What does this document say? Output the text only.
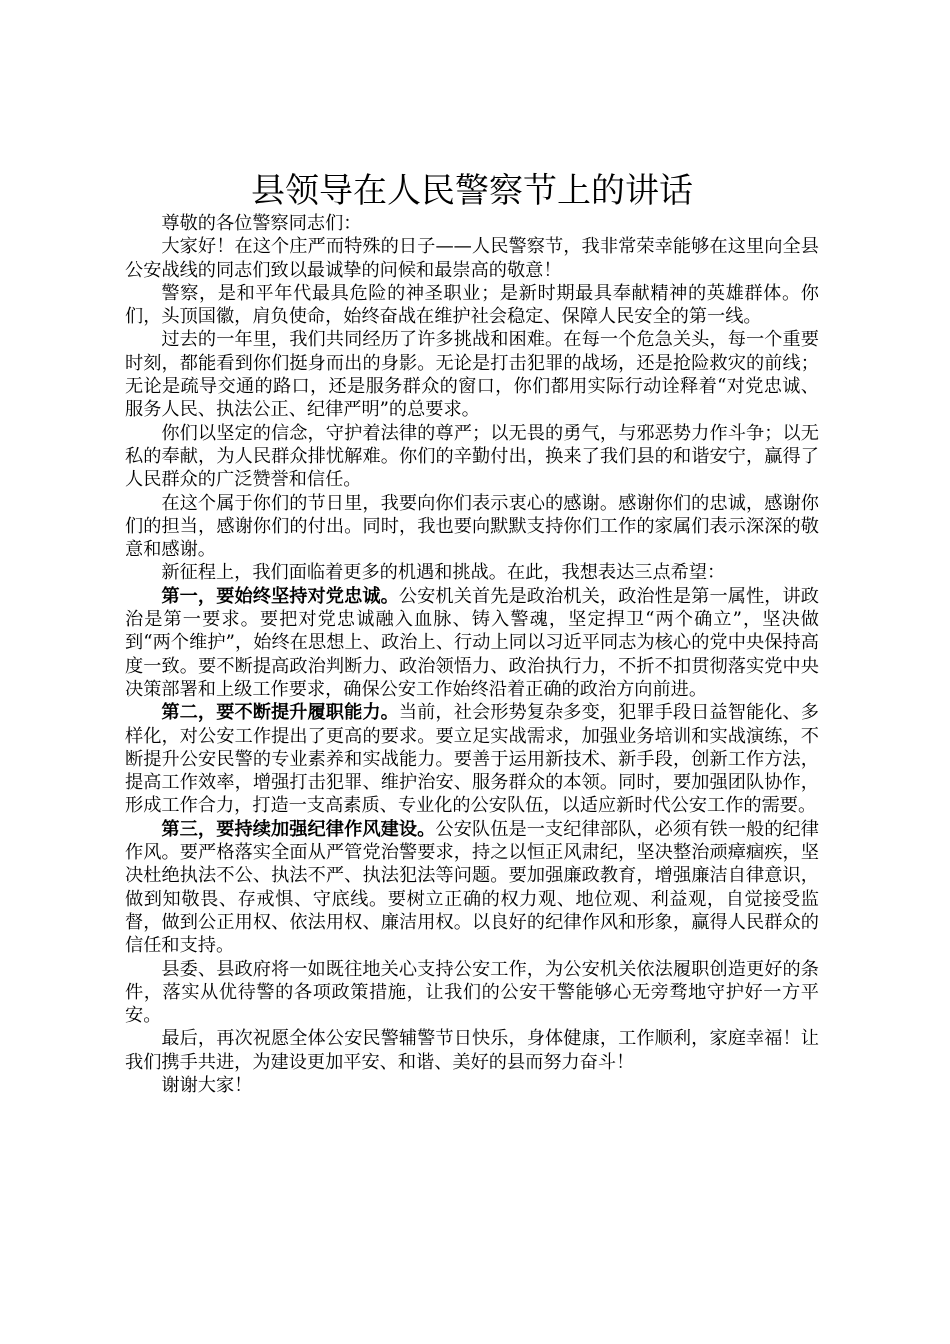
县领导在人民警察节上的讲话

尊敬的各位警察同志们：

大家好！在这个庄严而特殊的日子——人民警察节，我非常荣幸能够在这里向全县公安战线的同志们致以最诚挚的问候和最崇高的敬意！

警察，是和平年代最具危险的神圣职业；是新时期最具奉献精神的英雄群体。你们，头顶国徽，肩负使命，始终奋战在维护社会稳定、保障人民安全的第一线。

过去的一年里，我们共同经历了许多挑战和困难。在每一个危急关头，每一个重要时刻，都能看到你们挺身而出的身影。无论是打击犯罪的战场，还是抢险救灾的前线；无论是疏导交通的路口，还是服务群众的窗口，你们都用实际行动诠释着“对党忠诚、服务人民、执法公正、纪律严明”的总要求。

你们以坚定的信念，守护着法律的尊严；以无畏的勇气，与邪恶势力作斗争；以无私的奉献，为人民群众排忧解难。你们的辛勤付出，换来了我们县的和谐安宁，赢得了人民群众的广泛赞誉和信任。

在这个属于你们的节日里，我要向你们表示衷心的感谢。感谢你们的忠诚，感谢你们的担当，感谢你们的付出。同时，我也要向默默支持你们工作的家属们表示深深的敬意和感谢。

新征程上，我们面临着更多的机遇和挑战。在此，我想表达三点希望：

第一，要始终坚持对党忠诚。公安机关首先是政治机关，政治性是第一属性，讲政治是第一要求。要把对党忠诚融入血脉、铸入警魂，坚定捍卫“两个确立”，坚决做到“两个维护”，始终在思想上、政治上、行动上同以习近平同志为核心的党中央保持高度一致。要不断提高政治判断力、政治领悟力、政治执行力，不折不扣贯彻落实党中央决策部署和上级工作要求，确保公安工作始终沿着正确的政治方向前进。

第二，要不断提升履职能力。当前，社会形势复杂多变，犯罪手段日益智能化、多样化，对公安工作提出了更高的要求。要立足实战需求，加强业务培训和实战演练，不断提升公安民警的专业素养和实战能力。要善于运用新技术、新手段，创新工作方法，提高工作效率，增强打击犯罪、维护治安、服务群众的本领。同时，要加强团队协作，形成工作合力，打造一支高素质、专业化的公安队伍，以适应新时代公安工作的需要。

第三，要持续加强纪律作风建设。公安队伍是一支纪律部队，必须有铁一般的纪律作风。要严格落实全面从严管党治警要求，持之以恒正风肃纪，坚决整治顽瘴痼疾，坚决杜绝执法不公、执法不严、执法犯法等问题。要加强廉政教育，增强廉洁自律意识，做到知敬畏、存戒惧、守底线。要树立正确的权力观、地位观、利益观，自觉接受监督，做到公正用权、依法用权、廉洁用权。以良好的纪律作风和形象，赢得人民群众的信任和支持。

县委、县政府将一如既往地关心支持公安工作，为公安机关依法履职创造更好的条件，落实从优待警的各项政策措施，让我们的公安干警能够心无旁骛地守护好一方平安。

最后，再次祝愿全体公安民警辅警节日快乐，身体健康，工作顺利，家庭幸福！让我们携手共进，为建设更加平安、和谐、美好的县而努力奋斗！

谢谢大家！
